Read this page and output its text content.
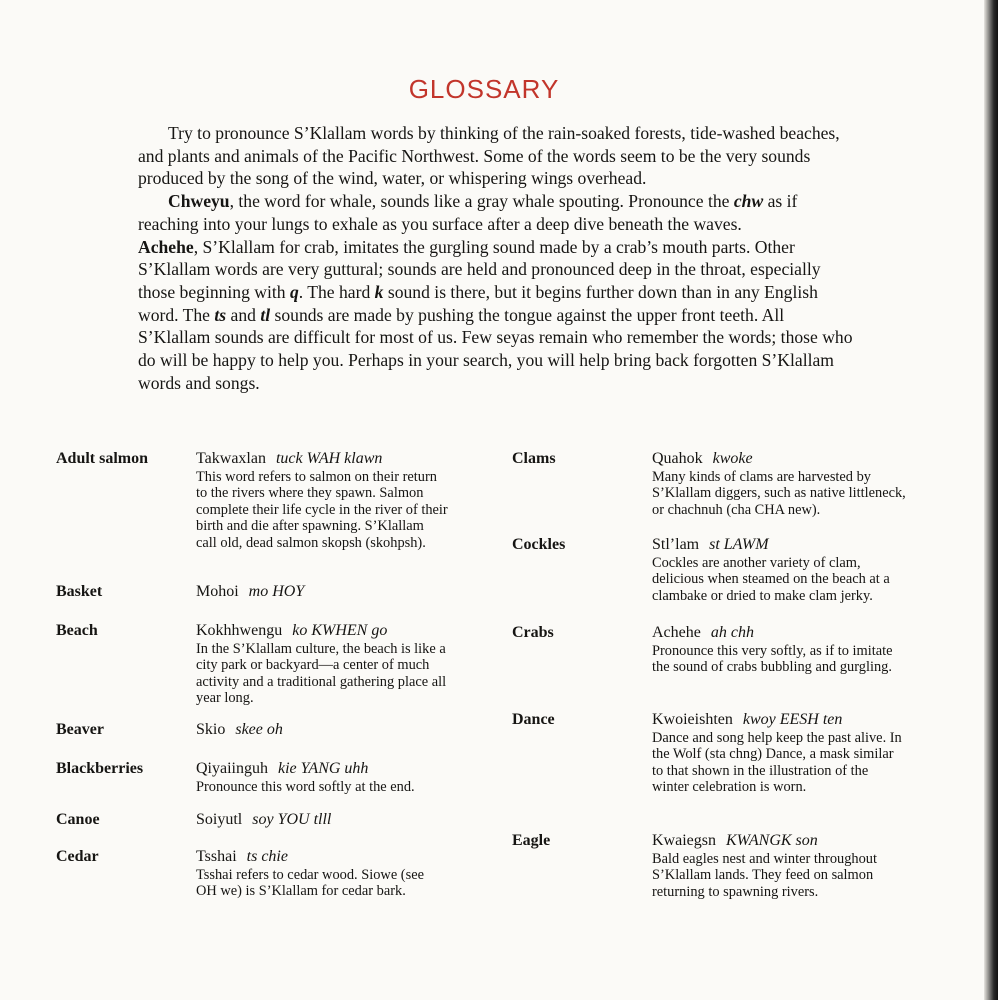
GLOSSARY

Try to pronounce S’Klallam words by thinking of the rain-soaked forests, tide-washed beaches, and plants and animals of the Pacific Northwest. Some of the words seem to be the very sounds produced by the song of the wind, water, or whispering wings overhead.

Chweyu, the word for whale, sounds like a gray whale spouting. Pronounce the chw as if reaching into your lungs to exhale as you surface after a deep dive beneath the waves.

Achehe, S’Klallam for crab, imitates the gurgling sound made by a crab’s mouth parts. Other S’Klallam words are very guttural; sounds are held and pronounced deep in the throat, especially those beginning with q. The hard k sound is there, but it begins further down than in any English word. The ts and tl sounds are made by pushing the tongue against the upper front teeth. All S’Klallam sounds are difficult for most of us. Few seyas remain who remember the words; those who do will be happy to help you. Perhaps in your search, you will help bring back forgotten S’Klallam words and songs.

Adult salmon	Takwaxlan tuck WAH klawn
This word refers to salmon on their return to the rivers where they spawn. Salmon complete their life cycle in the river of their birth and die after spawning. S’Klallam call old, dead salmon skopsh (skohpsh).
Basket	Mohoi mo HOY
Beach	Kokhhwengu ko KWHEN go
In the S’Klallam culture, the beach is like a city park or backyard—a center of much activity and a traditional gathering place all year long.
Beaver	Skio skee oh
Blackberries	Qiyaiinguh kie YANG uhh
Pronounce this word softly at the end.
Canoe	Soiyutl soy YOU tlll
Cedar	Tsshai ts chie
Tsshai refers to cedar wood. Siowe (see OH we) is S’Klallam for cedar bark.
Clams	Quahok kwoke
Many kinds of clams are harvested by S’Klallam diggers, such as native littleneck, or chachnuh (cha CHA new).
Cockles	Stl’lam st LAWM
Cockles are another variety of clam, delicious when steamed on the beach at a clambake or dried to make clam jerky.
Crabs	Achehe ah chh
Pronounce this very softly, as if to imitate the sound of crabs bubbling and gurgling.
Dance	Kwoieishten kwoy EESH ten
Dance and song help keep the past alive. In the Wolf (sta chng) Dance, a mask similar to that shown in the illustration of the winter celebration is worn.
Eagle	Kwaiegsn KWANGK son
Bald eagles nest and winter throughout S’Klallam lands. They feed on salmon returning to spawning rivers.
